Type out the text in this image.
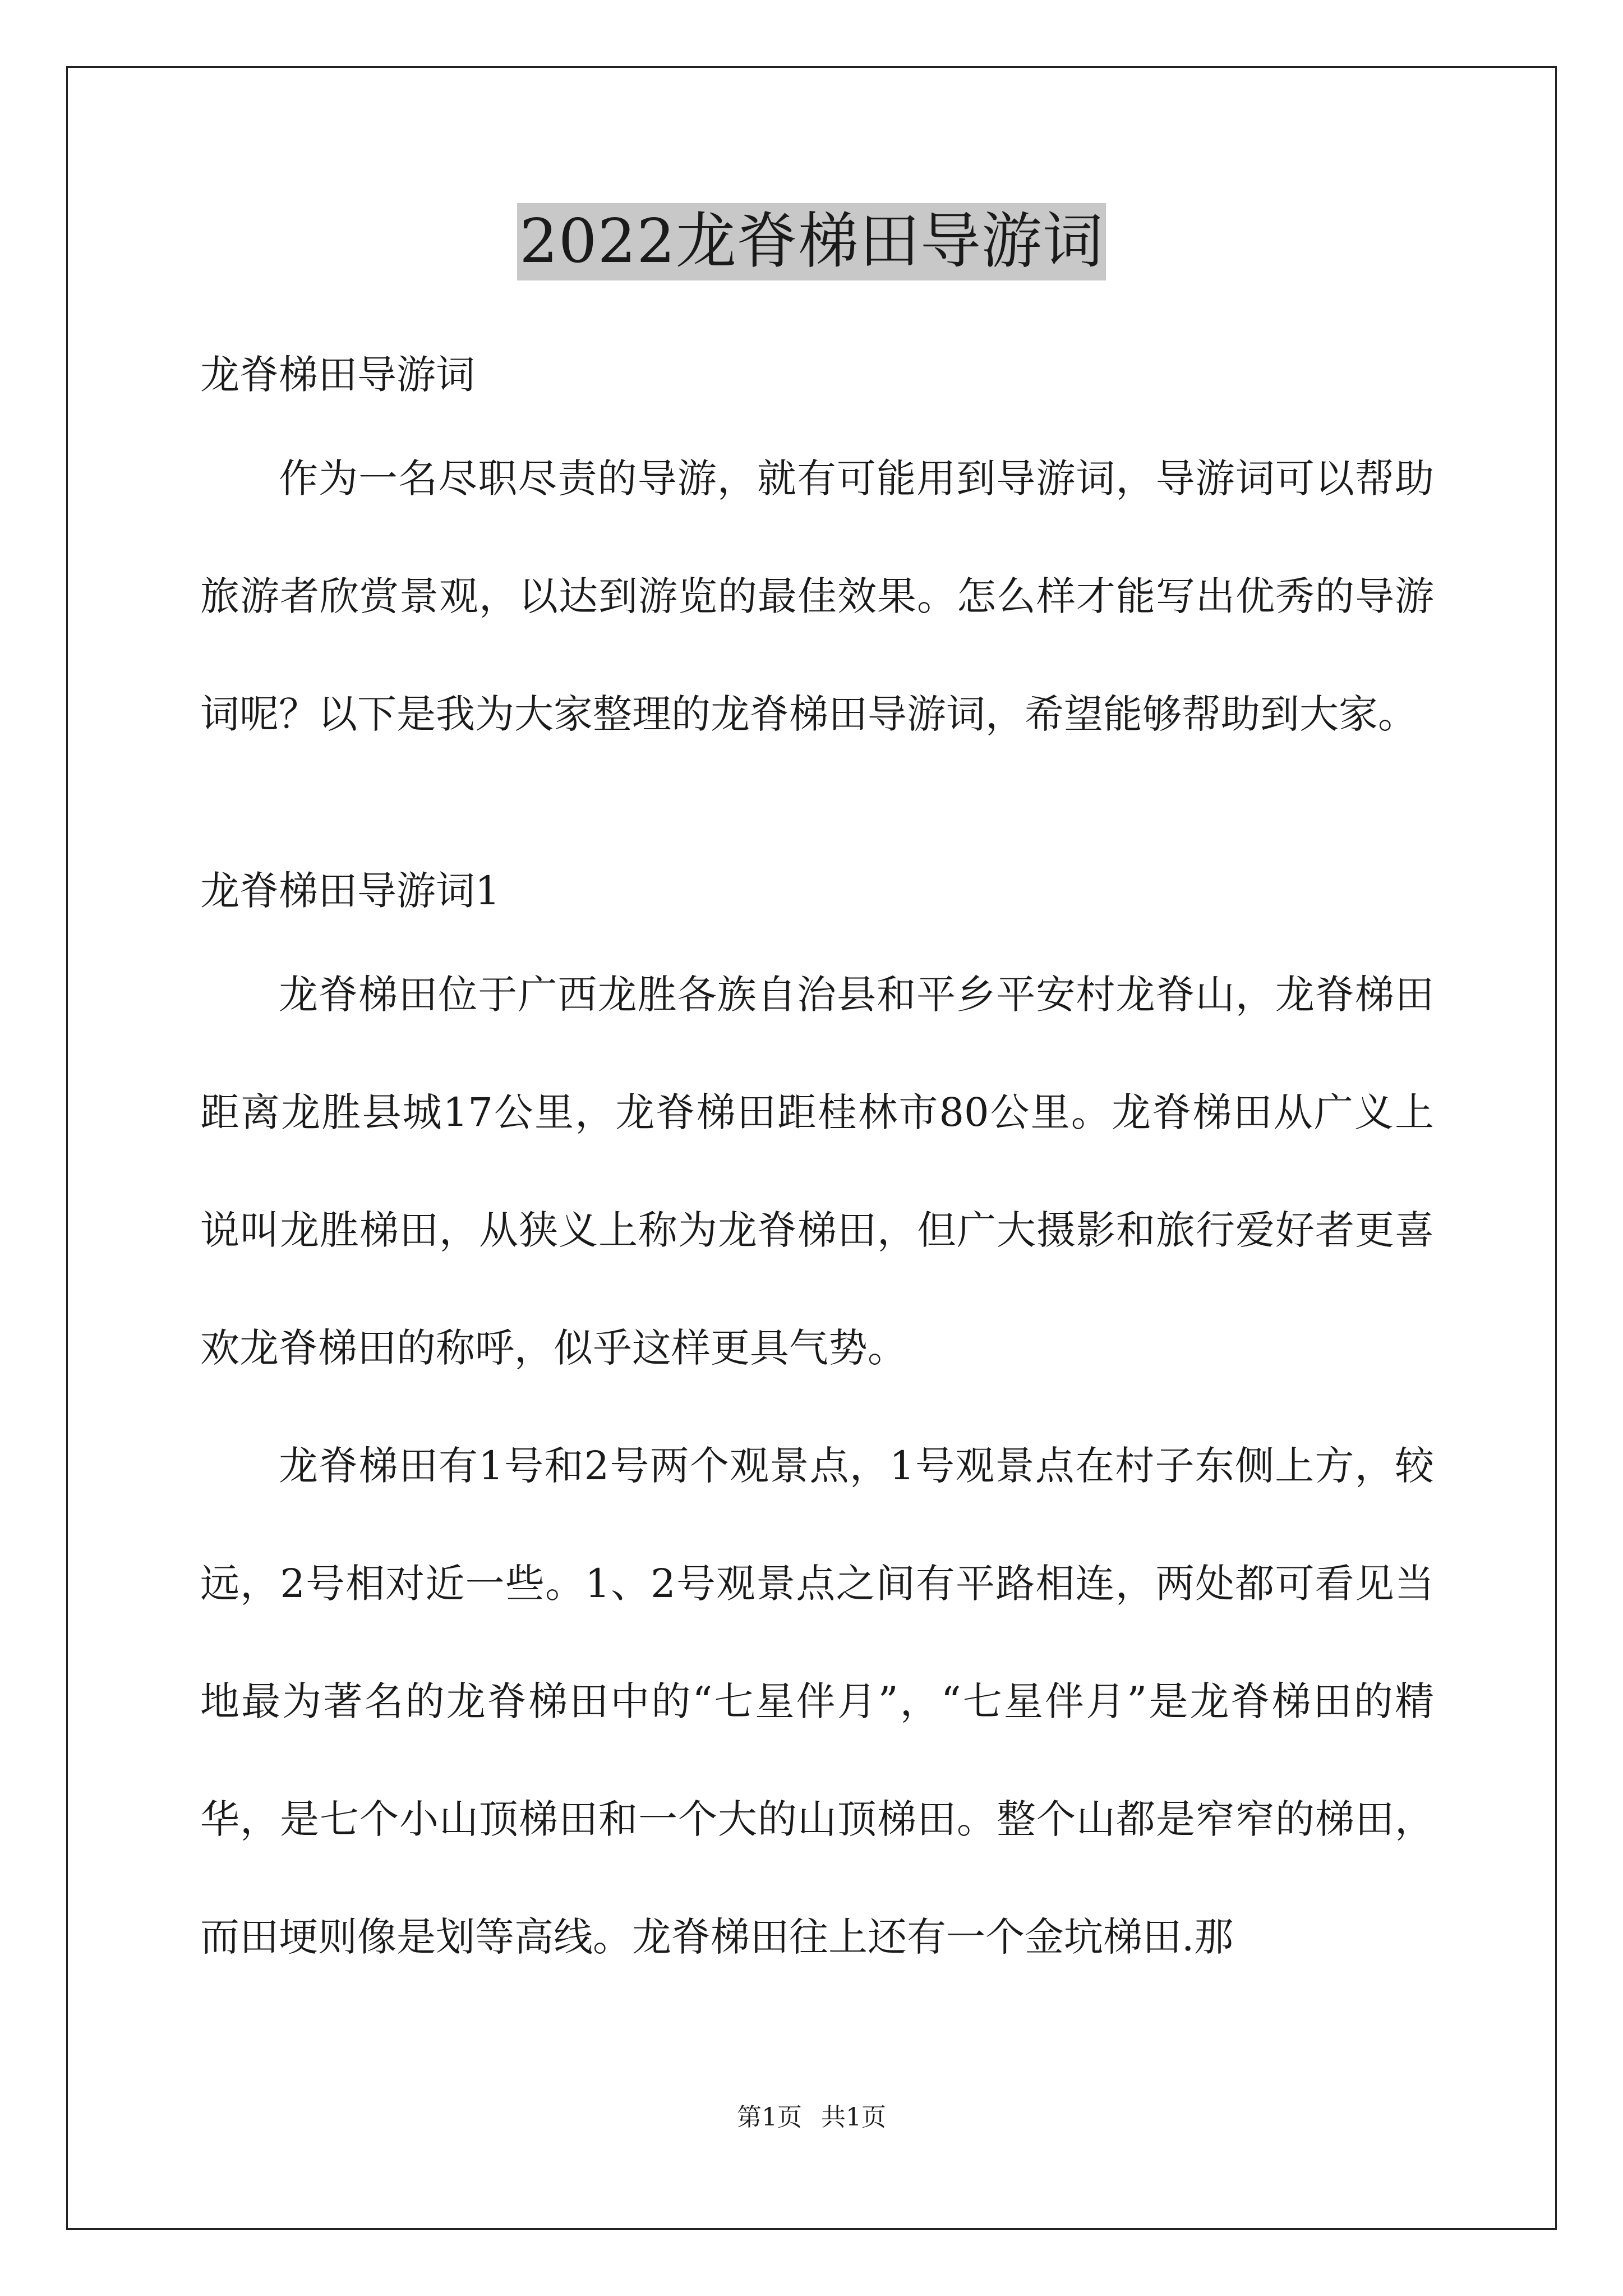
2022龙脊梯田导游词

龙脊梯田导游词

作为一名尽职尽责的导游，就有可能用到导游词，导游词可以帮助旅游者欣赏景观，以达到游览的最佳效果。怎么样才能写出优秀的导游词呢？以下是我为大家整理的龙脊梯田导游词，希望能够帮助到大家。

龙脊梯田导游词1

龙脊梯田位于广西龙胜各族自治县和平乡平安村龙脊山，龙脊梯田距离龙胜县城17公里，龙脊梯田距桂林市80公里。龙脊梯田从广义上说叫龙胜梯田，从狭义上称为龙脊梯田，但广大摄影和旅行爱好者更喜欢龙脊梯田的称呼，似乎这样更具气势。

龙脊梯田有1号和2号两个观景点，1号观景点在村子东侧上方，较远，2号相对近一些。1、2号观景点之间有平路相连，两处都可看见当地最为著名的龙脊梯田中的“七星伴月”，“七星伴月”是龙脊梯田的精华，是七个小山顶梯田和一个大的山顶梯田。整个山都是窄窄的梯田，而田埂则像是划等高线。龙脊梯田往上还有一个金坑梯田.那

第1页 共1页
